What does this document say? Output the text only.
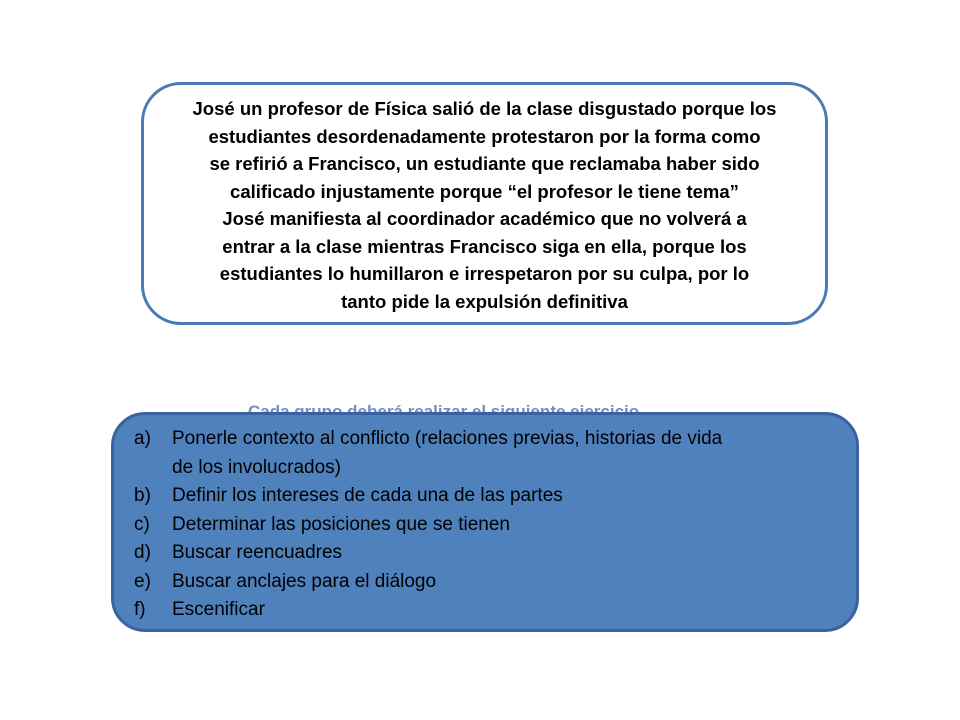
José un profesor de Física salió de la clase disgustado porque los
estudiantes desordenadamente protestaron por la forma como
se refirió a Francisco, un estudiante que reclamaba haber sido
calificado injustamente porque “el profesor le tiene tema”
José manifiesta al coordinador académico que no volverá a
entrar a la clase mientras Francisco siga en ella, porque los
estudiantes lo humillaron e irrespetaron por su culpa, por lo
tanto pide la expulsión definitiva
a) Ponerle contexto al conflicto (relaciones previas, historias de vida
de los involucrados)
b) Definir los intereses de cada una de las partes
c) Determinar las posiciones que se tienen
d) Buscar reencuadres
e) Buscar anclajes para el diálogo
f) Escenificar
